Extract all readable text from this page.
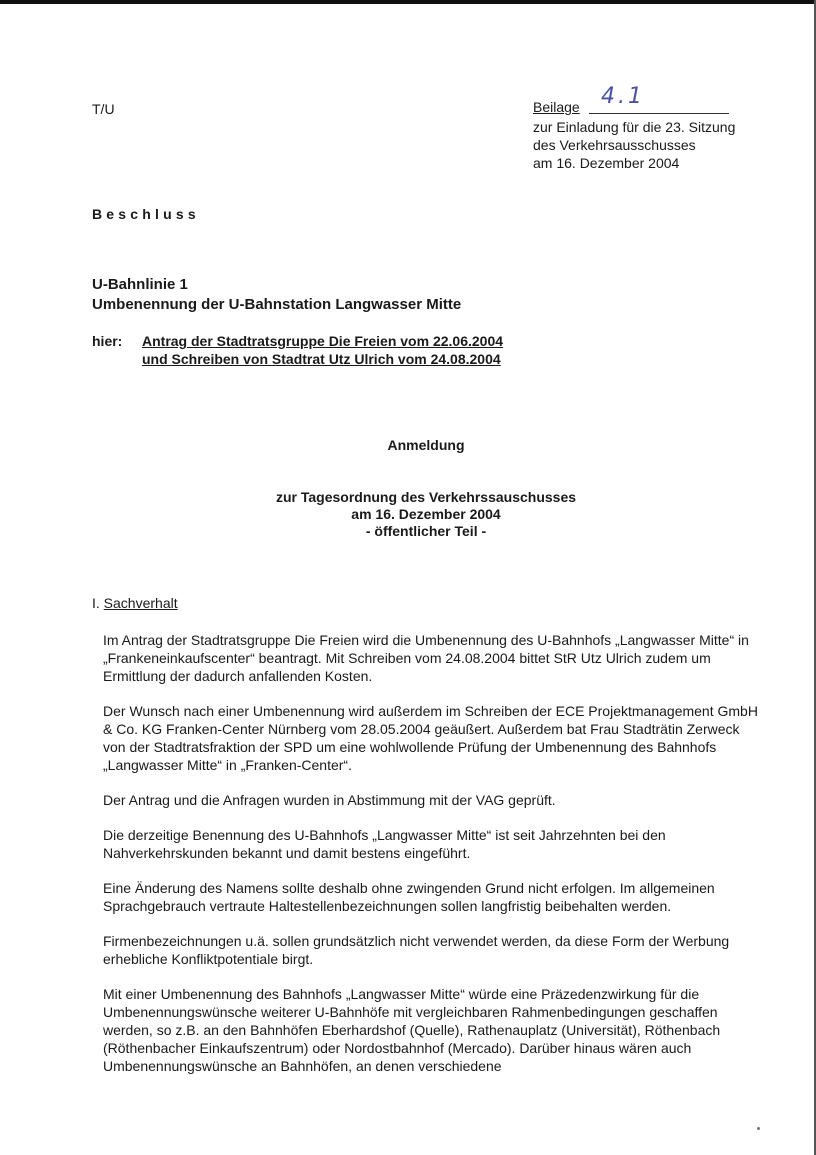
T/U	Beilage 4.1
zur Einladung für die 23. Sitzung
des Verkehrsausschusses
am 16. Dezember 2004
Beschluss
U-Bahnlinie 1
Umbenennung der U-Bahnstation Langwasser Mitte
hier:	Antrag der Stadtratsgruppe Die Freien vom 22.06.2004
und Schreiben von Stadtrat Utz Ulrich vom 24.08.2004
Anmeldung
zur Tagesordnung des Verkehrssauschusses
am 16. Dezember 2004
- öffentlicher Teil -
I. Sachverhalt

Im Antrag der Stadtratsgruppe Die Freien wird die Umbenennung des U-Bahnhofs „Langwasser Mitte“ in „Frankeneinkaufscenter“ beantragt. Mit Schreiben vom 24.08.2004 bittet StR Utz Ulrich zudem um Ermittlung der dadurch anfallenden Kosten.

Der Wunsch nach einer Umbenennung wird außerdem im Schreiben der ECE Projektmanagement GmbH & Co. KG Franken-Center Nürnberg vom 28.05.2004 geäußert. Außerdem bat Frau Stadträtin Zerweck von der Stadtratsfraktion der SPD um eine wohlwollende Prüfung der Umbenennung des Bahnhofs „Langwasser Mitte“ in „Franken-Center“.

Der Antrag und die Anfragen wurden in Abstimmung mit der VAG geprüft.

Die derzeitige Benennung des U-Bahnhofs „Langwasser Mitte“ ist seit Jahrzehnten bei den Nahverkehrskunden bekannt und damit bestens eingeführt.

Eine Änderung des Namens sollte deshalb ohne zwingenden Grund nicht erfolgen. Im allgemeinen Sprachgebrauch vertraute Haltestellenbezeichnungen sollen langfristig beibehalten werden.

Firmenbezeichnungen u.ä. sollen grundsätzlich nicht verwendet werden, da diese Form der Werbung erhebliche Konfliktpotentiale birgt.

Mit einer Umbenennung des Bahnhofs „Langwasser Mitte“ würde eine Präzedenzwirkung für die Umbenennungswünsche weiterer U-Bahnhöfe mit vergleichbaren Rahmenbedingungen geschaffen werden, so z.B. an den Bahnhöfen Eberhardshof (Quelle), Rathenauplatz (Universität), Röthenbach (Röthenbacher Einkaufszentrum) oder Nordostbahnhof (Mercado). Darüber hinaus wären auch Umbenennungswünsche an Bahnhöfen, an denen verschiedene
